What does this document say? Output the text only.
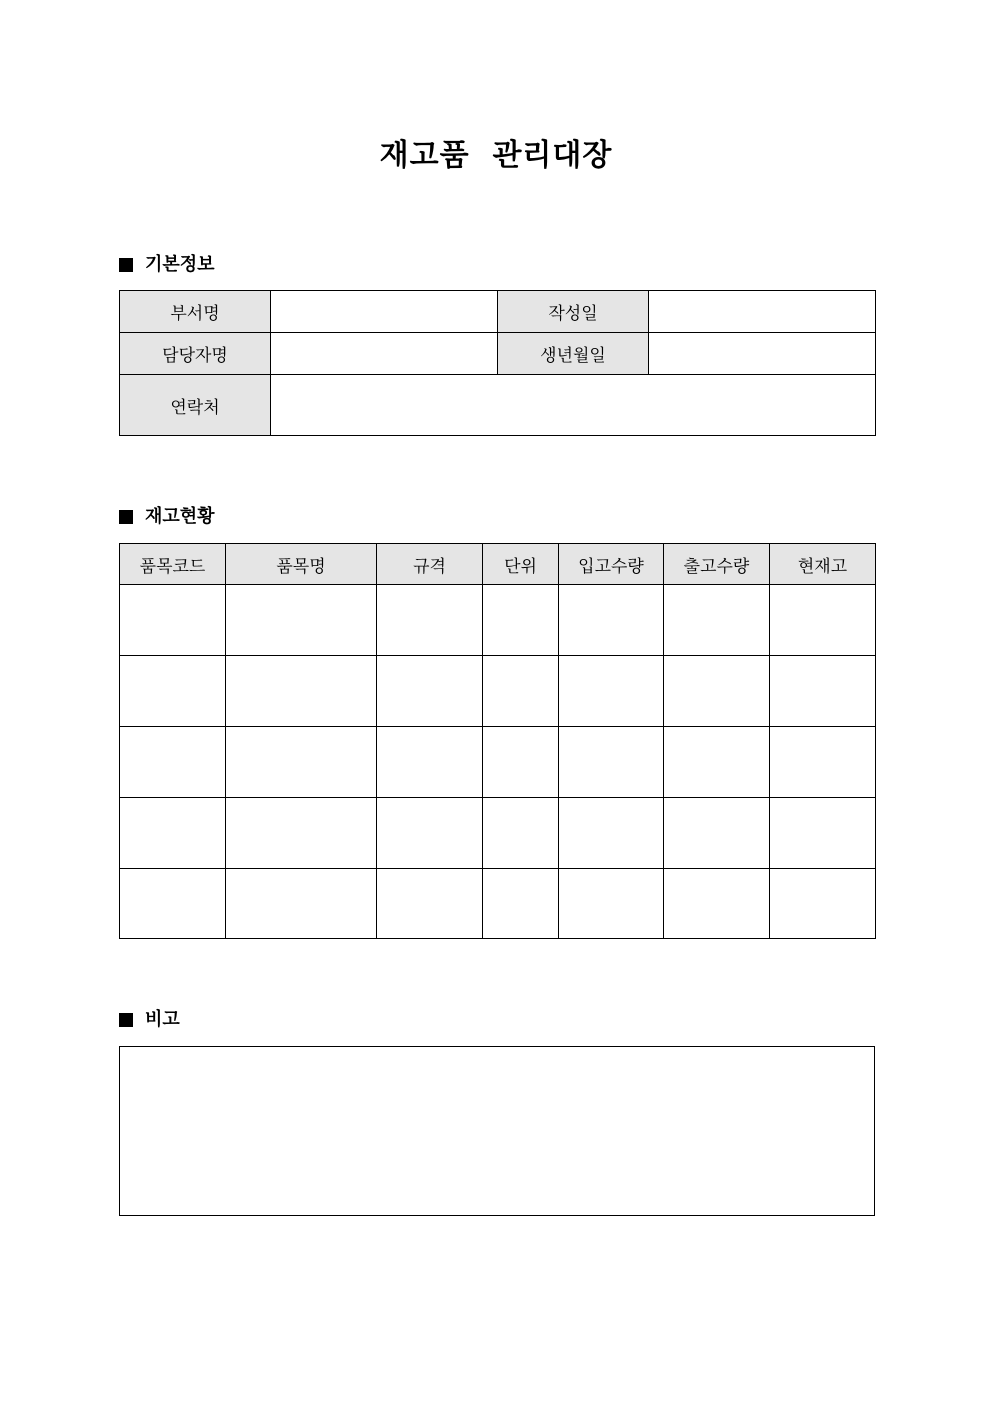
재고품  관리대장
기본정보
부서명		작성일	
담당자명		생년월일	
연락처			
재고현황
품목코드	품목명	규격	단위	입고수량	출고수량	현재고

비고
